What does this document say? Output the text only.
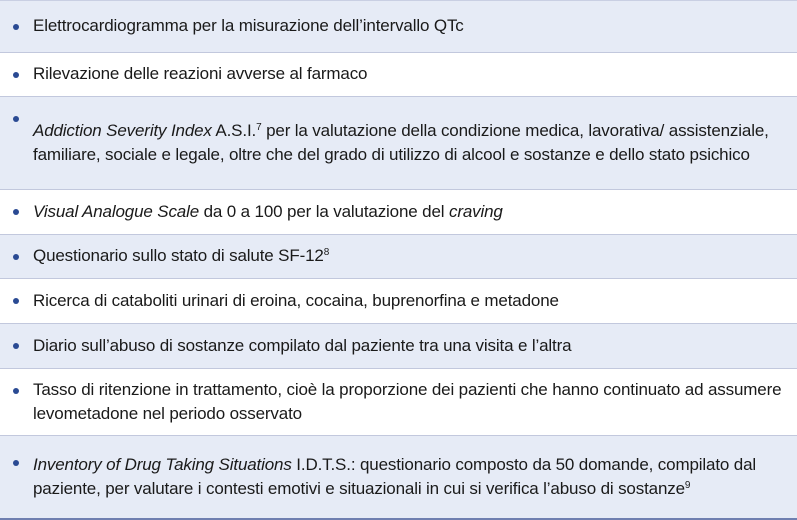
Elettrocardiogramma per la misurazione dell’intervallo QTc
Rilevazione delle reazioni avverse al farmaco
Addiction Severity Index A.S.I.$^7$ per la valutazione della condizione medica, lavorativa/ assistenziale, familiare, sociale e legale, oltre che del grado di utilizzo di alcool e sostanze e dello stato psichico
Visual Analogue Scale da 0 a 100 per la valutazione del craving
Questionario sullo stato di salute $SF-12^8$
Ricerca di cataboliti urinari di eroina, cocaina, buprenorfina e metadone
Diario sull’abuso di sostanze compilato dal paziente tra una visita e l’altra
Tasso di ritenzione in trattamento, cioè la proporzione dei pazienti che hanno continuato ad assumere levometadone nel periodo osservato
Inventory of Drug Taking Situations I.D.T.S.: questionario composto da 50 domande, compilato dal paziente, per valutare i contesti emotivi e situazionali in cui si verifica l’abuso di sostanze$^9$
